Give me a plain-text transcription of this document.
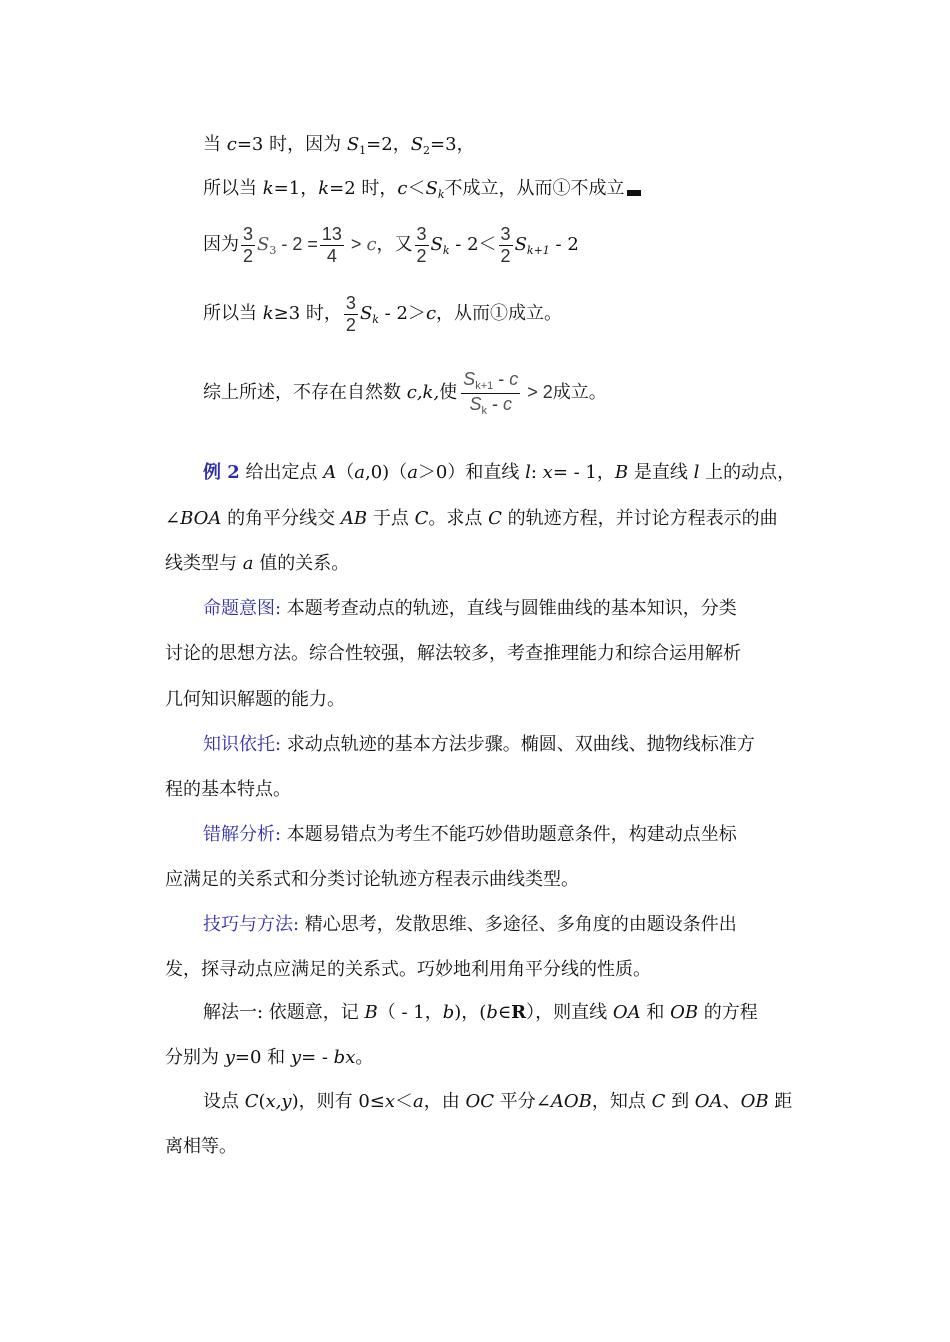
当 c=3 时，因为 $S_1=2$，$S_2=3$，
所以当 k=1，k=2 时，$c<S_k$不成立，从而①不成立
因为 $\frac{3}{2} S_3 - 2 = \frac{13}{4} > c$，又 $\frac{3}{2} S_k - 2< \frac{3}{2} S_{k+1} - 2$
所以当 k≥3 时， $\frac{3}{2} S_k - 2>c$，从而①成立。
综上所述，不存在自然数 c,k,使 $\frac{S_{k+1} - c}{S_k - c} > 2$成立。
例 2 给出定点 A（a,0)（a＞0）和直线 l: x= - 1，B 是直线 l 上的动点，
∠BOA 的角平分线交 AB 于点 C。求点 C 的轨迹方程，并讨论方程表示的曲
线类型与 a 值的关系。
命题意图: 本题考查动点的轨迹，直线与圆锥曲线的基本知识，分类
讨论的思想方法。综合性较强，解法较多，考查推理能力和综合运用解析
几何知识解题的能力。
知识依托: 求动点轨迹的基本方法步骤。椭圆、双曲线、抛物线标准方
程的基本特点。
错解分析: 本题易错点为考生不能巧妙借助题意条件，构建动点坐标
应满足的关系式和分类讨论轨迹方程表示曲线类型。
技巧与方法: 精心思考，发散思维、多途径、多角度的由题设条件出
发，探寻动点应满足的关系式。巧妙地利用角平分线的性质。
解法一: 依题意，记 B（ - 1，b)，(b∈R），则直线 OA 和 OB 的方程
分别为 y=0 和 y= - bx。
设点 C(x,y)，则有 0≤x＜a，由 OC 平分∠AOB，知点 C 到 OA、OB 距
离相等。
